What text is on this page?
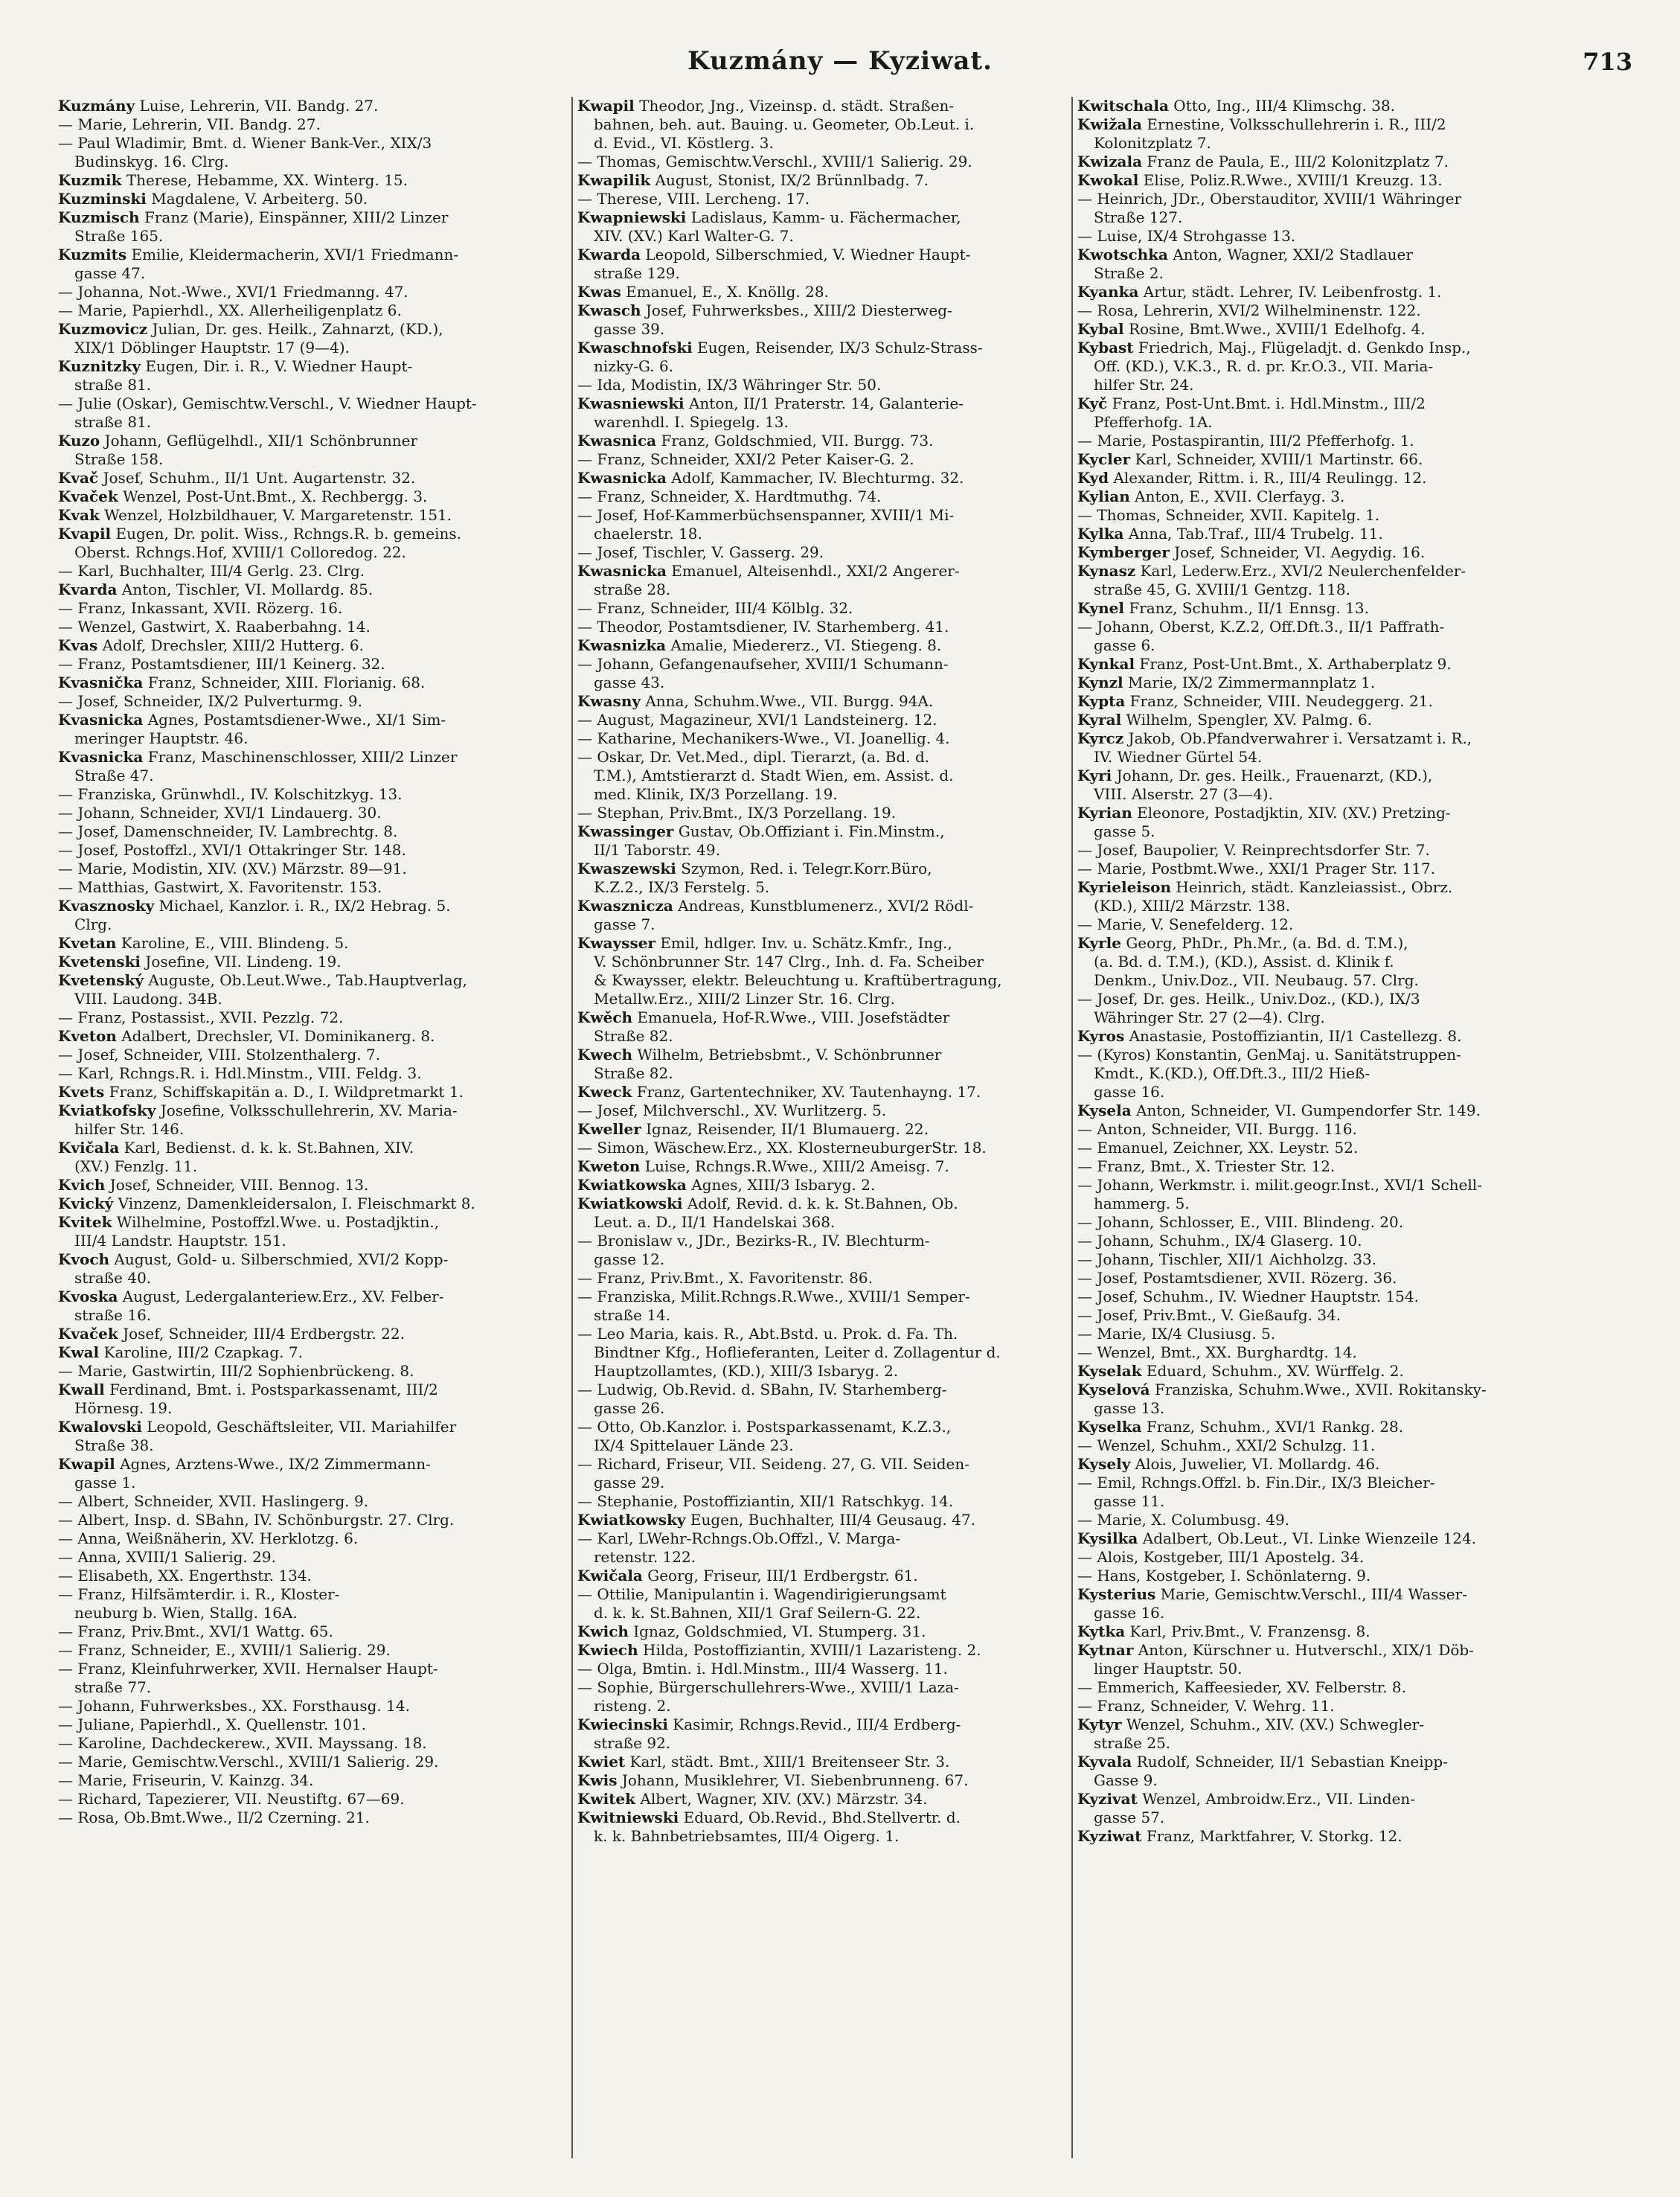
Kuzmány — Kyziwat.	713

Kuzmány Luise, Lehrerin, VII. Bandg. 27.

— Marie, Lehrerin, VII. Bandg. 27.

— Paul Wladimir, Bmt. d. Wiener Bank-Ver., XIX/3

Budinskyg. 16. Clrg.

Kuzmik Therese, Hebamme, XX. Winterg. 15.

Kuzminski Magdalene, V. Arbeiterg. 50.

Kuzmisch Franz (Marie), Einspänner, XIII/2 Linzer

Straße 165.

Kuzmits Emilie, Kleidermacherin, XVI/1 Friedmann-

gasse 47.

— Johanna, Not.-Wwe., XVI/1 Friedmanng. 47.

— Marie, Papierhdl., XX. Allerheiligenplatz 6.

Kuzmovicz Julian, Dr. ges. Heilk., Zahnarzt, (KD.),

XIX/1 Döblinger Hauptstr. 17 (9—4).

Kuznitzky Eugen, Dir. i. R., V. Wiedner Haupt-

straße 81.

— Julie (Oskar), Gemischtw.Verschl., V. Wiedner Haupt-

straße 81.

Kuzo Johann, Geflügelhdl., XII/1 Schönbrunner

Straße 158.

Kvač Josef, Schuhm., II/1 Unt. Augartenstr. 32.

Kvaček Wenzel, Post-Unt.Bmt., X. Rechbergg. 3.

Kvak Wenzel, Holzbildhauer, V. Margaretenstr. 151.

Kvapil Eugen, Dr. polit. Wiss., Rchngs.R. b. gemeins.

Oberst. Rchngs.Hof, XVIII/1 Colloredog. 22.

— Karl, Buchhalter, III/4 Gerlg. 23. Clrg.

Kvarda Anton, Tischler, VI. Mollardg. 85.

— Franz, Inkassant, XVII. Rözerg. 16.

— Wenzel, Gastwirt, X. Raaberbahng. 14.

Kvas Adolf, Drechsler, XIII/2 Hutterg. 6.

— Franz, Postamtsdiener, III/1 Keinerg. 32.

Kvasnička Franz, Schneider, XIII. Florianig. 68.

— Josef, Schneider, IX/2 Pulverturmg. 9.

Kvasnicka Agnes, Postamtsdiener-Wwe., XI/1 Sim-

meringer Hauptstr. 46.

Kvasnicka Franz, Maschinenschlosser, XIII/2 Linzer

Straße 47.

— Franziska, Grünwhdl., IV. Kolschitzkyg. 13.

— Johann, Schneider, XVI/1 Lindauerg. 30.

— Josef, Damenschneider, IV. Lambrechtg. 8.

— Josef, Postoffzl., XVI/1 Ottakringer Str. 148.

— Marie, Modistin, XIV. (XV.) Märzstr. 89—91.

— Matthias, Gastwirt, X. Favoritenstr. 153.

Kvasznosky Michael, Kanzlor. i. R., IX/2 Hebrag. 5.

Clrg.

Kvetan Karoline, E., VIII. Blindeng. 5.

Kvetenski Josefine, VII. Lindeng. 19.

Kvetenský Auguste, Ob.Leut.Wwe., Tab.Hauptverlag,

VIII. Laudong. 34B.

— Franz, Postassist., XVII. Pezzlg. 72.

Kveton Adalbert, Drechsler, VI. Dominikanerg. 8.

— Josef, Schneider, VIII. Stolzenthalerg. 7.

— Karl, Rchngs.R. i. Hdl.Minstm., VIII. Feldg. 3.

Kvets Franz, Schiffskapitän a. D., I. Wildpretmarkt 1.

Kviatkofsky Josefine, Volksschullehrerin, XV. Maria-

hilfer Str. 146.

Kvičala Karl, Bedienst. d. k. k. St.Bahnen, XIV.

(XV.) Fenzlg. 11.

Kvich Josef, Schneider, VIII. Bennog. 13.

Kvický Vinzenz, Damenkleidersalon, I. Fleischmarkt 8.

Kvitek Wilhelmine, Postoffzl.Wwe. u. Postadjktin.,

III/4 Landstr. Hauptstr. 151.

Kvoch August, Gold- u. Silberschmied, XVI/2 Kopp-

straße 40.

Kvoska August, Ledergalanteriew.Erz., XV. Felber-

straße 16.

Kvaček Josef, Schneider, III/4 Erdbergstr. 22.

Kwal Karoline, III/2 Czapkag. 7.

— Marie, Gastwirtin, III/2 Sophienbrückeng. 8.

Kwall Ferdinand, Bmt. i. Postsparkassenamt, III/2

Hörnesg. 19.

Kwalovski Leopold, Geschäftsleiter, VII. Mariahilfer

Straße 38.

Kwapil Agnes, Arztens-Wwe., IX/2 Zimmermann-

gasse 1.

— Albert, Schneider, XVII. Haslingerg. 9.

— Albert, Insp. d. SBahn, IV. Schönburgstr. 27. Clrg.

— Anna, Weißnäherin, XV. Herklotzg. 6.

— Anna, XVIII/1 Salierig. 29.

— Elisabeth, XX. Engerthstr. 134.

— Franz, Hilfsämterdir. i. R., Kloster-

neuburg b. Wien, Stallg. 16A.

— Franz, Priv.Bmt., XVI/1 Wattg. 65.

— Franz, Schneider, E., XVIII/1 Salierig. 29.

— Franz, Kleinfuhrwerker, XVII. Hernalser Haupt-

straße 77.

— Johann, Fuhrwerksbes., XX. Forsthausg. 14.

— Juliane, Papierhdl., X. Quellenstr. 101.

— Karoline, Dachdeckerew., XVII. Mayssang. 18.

— Marie, Gemischtw.Verschl., XVIII/1 Salierig. 29.

— Marie, Friseurin, V. Kainzg. 34.

— Richard, Tapezierer, VII. Neustiftg. 67—69.

— Rosa, Ob.Bmt.Wwe., II/2 Czerning. 21.

Kwapil Theodor, Jng., Vizeinsp. d. städt. Straßen-

bahnen, beh. aut. Bauing. u. Geometer, Ob.Leut. i.

d. Evid., VI. Köstlerg. 3.

— Thomas, Gemischtw.Verschl., XVIII/1 Salierig. 29.

Kwapilik August, Stonist, IX/2 Brünnlbadg. 7.

— Therese, VIII. Lercheng. 17.

Kwapniewski Ladislaus, Kamm- u. Fächermacher,

XIV. (XV.) Karl Walter-G. 7.

Kwarda Leopold, Silberschmied, V. Wiedner Haupt-

straße 129.

Kwas Emanuel, E., X. Knöllg. 28.

Kwasch Josef, Fuhrwerksbes., XIII/2 Diesterweg-

gasse 39.

Kwaschnofski Eugen, Reisender, IX/3 Schulz-Strass-

nizky-G. 6.

— Ida, Modistin, IX/3 Währinger Str. 50.

Kwasniewski Anton, II/1 Praterstr. 14, Galanterie-

warenhdl. I. Spiegelg. 13.

Kwasnica Franz, Goldschmied, VII. Burgg. 73.

— Franz, Schneider, XXI/2 Peter Kaiser-G. 2.

Kwasnicka Adolf, Kammacher, IV. Blechturmg. 32.

— Franz, Schneider, X. Hardtmuthg. 74.

— Josef, Hof-Kammerbüchsenspanner, XVIII/1 Mi-

chaelerstr. 18.

— Josef, Tischler, V. Gasserg. 29.

Kwasnicka Emanuel, Alteisenhdl., XXI/2 Angerer-

straße 28.

— Franz, Schneider, III/4 Kölblg. 32.

— Theodor, Postamtsdiener, IV. Starhemberg. 41.

Kwasnizka Amalie, Miedererz., VI. Stiegeng. 8.

— Johann, Gefangenaufseher, XVIII/1 Schumann-

gasse 43.

Kwasny Anna, Schuhm.Wwe., VII. Burgg. 94A.

— August, Magazineur, XVI/1 Landsteinerg. 12.

— Katharine, Mechanikers-Wwe., VI. Joanellig. 4.

— Oskar, Dr. Vet.Med., dipl. Tierarzt, (a. Bd. d.

T.M.), Amtstierarzt d. Stadt Wien, em. Assist. d.

med. Klinik, IX/3 Porzellang. 19.

— Stephan, Priv.Bmt., IX/3 Porzellang. 19.

Kwassinger Gustav, Ob.Offiziant i. Fin.Minstm.,

II/1 Taborstr. 49.

Kwaszewski Szymon, Red. i. Telegr.Korr.Büro,

K.Z.2., IX/3 Ferstelg. 5.

Kwasznicza Andreas, Kunstblumenerz., XVI/2 Rödl-

gasse 7.

Kwaysser Emil, hdlger. Inv. u. Schätz.Kmfr., Ing.,

V. Schönbrunner Str. 147 Clrg., Inh. d. Fa. Scheiber

& Kwaysser, elektr. Beleuchtung u. Kraftübertragung,

Metallw.Erz., XIII/2 Linzer Str. 16. Clrg.

Kwěch Emanuela, Hof-R.Wwe., VIII. Josefstädter

Straße 82.

Kwech Wilhelm, Betriebsbmt., V. Schönbrunner

Straße 82.

Kweck Franz, Gartentechniker, XV. Tautenhayng. 17.

— Josef, Milchverschl., XV. Wurlitzerg. 5.

Kweller Ignaz, Reisender, II/1 Blumauerg. 22.

— Simon, Wäschew.Erz., XX. KlosterneuburgerStr. 18.

Kweton Luise, Rchngs.R.Wwe., XIII/2 Ameisg. 7.

Kwiatkowska Agnes, XIII/3 Isbaryg. 2.

Kwiatkowski Adolf, Revid. d. k. k. St.Bahnen, Ob.

Leut. a. D., II/1 Handelskai 368.

— Bronislaw v., JDr., Bezirks-R., IV. Blechturm-

gasse 12.

— Franz, Priv.Bmt., X. Favoritenstr. 86.

— Franziska, Milit.Rchngs.R.Wwe., XVIII/1 Semper-

straße 14.

— Leo Maria, kais. R., Abt.Bstd. u. Prok. d. Fa. Th.

Bindtner Kfg., Hoflieferanten, Leiter d. Zollagentur d.

Hauptzollamtes, (KD.), XIII/3 Isbaryg. 2.

— Ludwig, Ob.Revid. d. SBahn, IV. Starhemberg-

gasse 26.

— Otto, Ob.Kanzlor. i. Postsparkassenamt, K.Z.3.,

IX/4 Spittelauer Lände 23.

— Richard, Friseur, VII. Seideng. 27, G. VII. Seiden-

gasse 29.

— Stephanie, Postoffiziantin, XII/1 Ratschkyg. 14.

Kwiatkowsky Eugen, Buchhalter, III/4 Geusaug. 47.

— Karl, LWehr-Rchngs.Ob.Offzl., V. Marga-

retenstr. 122.

Kwičala Georg, Friseur, III/1 Erdbergstr. 61.

— Ottilie, Manipulantin i. Wagendirigierungsamt

d. k. k. St.Bahnen, XII/1 Graf Seilern-G. 22.

Kwich Ignaz, Goldschmied, VI. Stumperg. 31.

Kwiech Hilda, Postoffiziantin, XVIII/1 Lazaristeng. 2.

— Olga, Bmtin. i. Hdl.Minstm., III/4 Wasserg. 11.

— Sophie, Bürgerschullehrers-Wwe., XVIII/1 Laza-

risteng. 2.

Kwiecinski Kasimir, Rchngs.Revid., III/4 Erdberg-

straße 92.

Kwiet Karl, städt. Bmt., XIII/1 Breitenseer Str. 3.

Kwis Johann, Musiklehrer, VI. Siebenbrunneng. 67.

Kwitek Albert, Wagner, XIV. (XV.) Märzstr. 34.

Kwitniewski Eduard, Ob.Revid., Bhd.Stellvertr. d.

k. k. Bahnbetriebsamtes, III/4 Oigerg. 1.

Kwitschala Otto, Ing., III/4 Klimschg. 38.

Kwižala Ernestine, Volksschullehrerin i. R., III/2

Kolonitzplatz 7.

Kwizala Franz de Paula, E., III/2 Kolonitzplatz 7.

Kwokal Elise, Poliz.R.Wwe., XVIII/1 Kreuzg. 13.

— Heinrich, JDr., Oberstauditor, XVIII/1 Währinger

Straße 127.

— Luise, IX/4 Strohgasse 13.

Kwotschka Anton, Wagner, XXI/2 Stadlauer

Straße 2.

Kyanka Artur, städt. Lehrer, IV. Leibenfrostg. 1.

— Rosa, Lehrerin, XVI/2 Wilhelminenstr. 122.

Kybal Rosine, Bmt.Wwe., XVIII/1 Edelhofg. 4.

Kybast Friedrich, Maj., Flügeladjt. d. Genkdo Insp.,

Off. (KD.), V.K.3., R. d. pr. Kr.O.3., VII. Maria-

hilfer Str. 24.

Kyč Franz, Post-Unt.Bmt. i. Hdl.Minstm., III/2

Pfefferhofg. 1A.

— Marie, Postaspirantin, III/2 Pfefferhofg. 1.

Kycler Karl, Schneider, XVIII/1 Martinstr. 66.

Kyd Alexander, Rittm. i. R., III/4 Reulingg. 12.

Kylian Anton, E., XVII. Clerfayg. 3.

— Thomas, Schneider, XVII. Kapitelg. 1.

Kylka Anna, Tab.Traf., III/4 Trubelg. 11.

Kymberger Josef, Schneider, VI. Aegydig. 16.

Kynasz Karl, Lederw.Erz., XVI/2 Neulerchenfelder-

straße 45, G. XVIII/1 Gentzg. 118.

Kynel Franz, Schuhm., II/1 Ennsg. 13.

— Johann, Oberst, K.Z.2, Off.Dft.3., II/1 Paffrath-

gasse 6.

Kynkal Franz, Post-Unt.Bmt., X. Arthaberplatz 9.

Kynzl Marie, IX/2 Zimmermannplatz 1.

Kypta Franz, Schneider, VIII. Neudeggerg. 21.

Kyral Wilhelm, Spengler, XV. Palmg. 6.

Kyrcz Jakob, Ob.Pfandverwahrer i. Versatzamt i. R.,

IV. Wiedner Gürtel 54.

Kyri Johann, Dr. ges. Heilk., Frauenarzt, (KD.),

VIII. Alserstr. 27 (3—4).

Kyrian Eleonore, Postadjktin, XIV. (XV.) Pretzing-

gasse 5.

— Josef, Baupolier, V. Reinprechtsdorfer Str. 7.

— Marie, Postbmt.Wwe., XXI/1 Prager Str. 117.

Kyrieleison Heinrich, städt. Kanzleiassist., Obrz.

(KD.), XIII/2 Märzstr. 138.

— Marie, V. Senefelderg. 12.

Kyrle Georg, PhDr., Ph.Mr., (a. Bd. d. T.M.),

(a. Bd. d. T.M.), (KD.), Assist. d. Klinik f.

Denkm., Univ.Doz., VII. Neubaug. 57. Clrg.

— Josef, Dr. ges. Heilk., Univ.Doz., (KD.), IX/3

Währinger Str. 27 (2—4). Clrg.

Kyros Anastasie, Postoffiziantin, II/1 Castellezg. 8.

— (Kyros) Konstantin, GenMaj. u. Sanitätstruppen-

Kmdt., K.(KD.), Off.Dft.3., III/2 Hieß-

gasse 16.

Kysela Anton, Schneider, VI. Gumpendorfer Str. 149.

— Anton, Schneider, VII. Burgg. 116.

— Emanuel, Zeichner, XX. Leystr. 52.

— Franz, Bmt., X. Triester Str. 12.

— Johann, Werkmstr. i. milit.geogr.Inst., XVI/1 Schell-

hammerg. 5.

— Johann, Schlosser, E., VIII. Blindeng. 20.

— Johann, Schuhm., IX/4 Glaserg. 10.

— Johann, Tischler, XII/1 Aichholzg. 33.

— Josef, Postamtsdiener, XVII. Rözerg. 36.

— Josef, Schuhm., IV. Wiedner Hauptstr. 154.

— Josef, Priv.Bmt., V. Gießaufg. 34.

— Marie, IX/4 Clusiusg. 5.

— Wenzel, Bmt., XX. Burghardtg. 14.

Kyselak Eduard, Schuhm., XV. Würffelg. 2.

Kyselová Franziska, Schuhm.Wwe., XVII. Rokitansky-

gasse 13.

Kyselka Franz, Schuhm., XVI/1 Rankg. 28.

— Wenzel, Schuhm., XXI/2 Schulzg. 11.

Kysely Alois, Juwelier, VI. Mollardg. 46.

— Emil, Rchngs.Offzl. b. Fin.Dir., IX/3 Bleicher-

gasse 11.

— Marie, X. Columbusg. 49.

Kysilka Adalbert, Ob.Leut., VI. Linke Wienzeile 124.

— Alois, Kostgeber, III/1 Apostelg. 34.

— Hans, Kostgeber, I. Schönlaterng. 9.

Kysterius Marie, Gemischtw.Verschl., III/4 Wasser-

gasse 16.

Kytka Karl, Priv.Bmt., V. Franzensg. 8.

Kytnar Anton, Kürschner u. Hutverschl., XIX/1 Döb-

linger Hauptstr. 50.

— Emmerich, Kaffeesieder, XV. Felberstr. 8.

— Franz, Schneider, V. Wehrg. 11.

Kytyr Wenzel, Schuhm., XIV. (XV.) Schwegler-

straße 25.

Kyvala Rudolf, Schneider, II/1 Sebastian Kneipp-

Gasse 9.

Kyzivat Wenzel, Ambroidw.Erz., VII. Linden-

gasse 57.

Kyziwat Franz, Marktfahrer, V. Storkg. 12.
